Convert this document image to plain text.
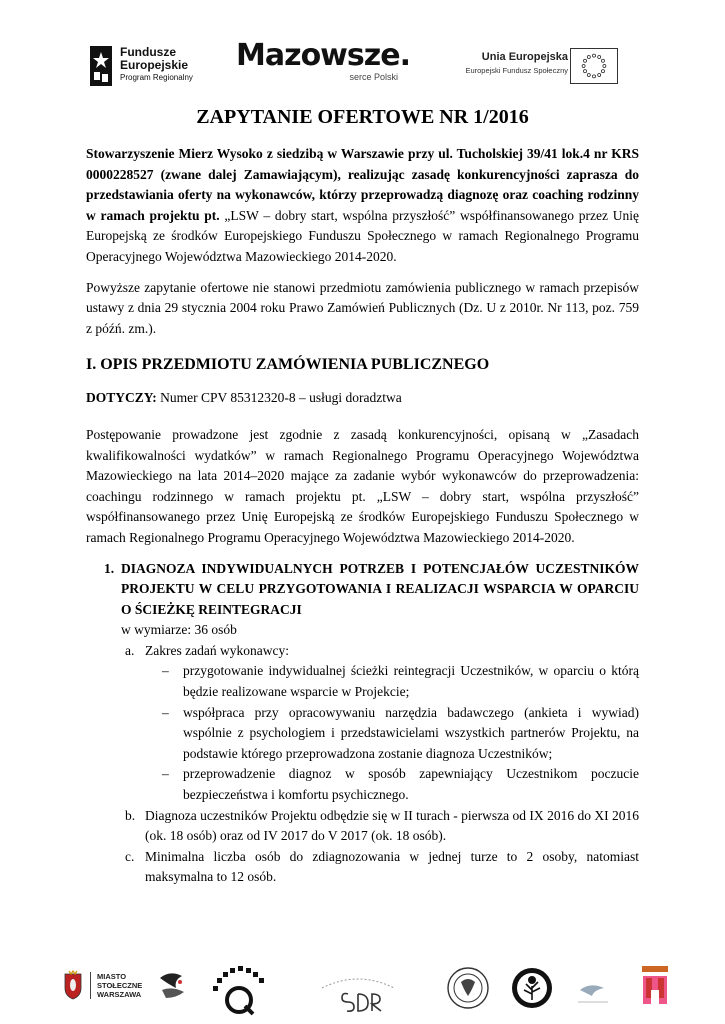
Fundusze
Europejskie
Program Regionalny
Mazowsze.
serce Polski
Unia Europejska
Europejski Fundusz Społeczny
ZAPYTANIE OFERTOWE NR 1/2016

Stowarzyszenie Mierz Wysoko z siedzibą w Warszawie przy ul. Tucholskiej 39/41 lok.4 nr KRS 0000228527 (zwane dalej Zamawiającym), realizując zasadę konkurencyjności zaprasza do przedstawiania oferty na wykonawców, którzy przeprowadzą diagnozę oraz coaching rodzinny w ramach projektu pt. „LSW – dobry start, wspólna przyszłość” współfinansowanego przez Unię Europejską ze środków Europejskiego Funduszu Społecznego w ramach Regionalnego Programu Operacyjnego Województwa Mazowieckiego 2014-2020.

Powyższe zapytanie ofertowe nie stanowi przedmiotu zamówienia publicznego w ramach przepisów ustawy z dnia 29 stycznia 2004 roku Prawo Zamówień Publicznych (Dz. U z 2010r. Nr 113, poz. 759 z późń. zm.).

I. OPIS PRZEDMIOTU ZAMÓWIENIA PUBLICZNEGO

DOTYCZY: Numer CPV 85312320-8 – usługi doradztwa

Postępowanie prowadzone jest zgodnie z zasadą konkurencyjności, opisaną w „Zasadach kwalifikowalności wydatków” w ramach Regionalnego Programu Operacyjnego Województwa Mazowieckiego na lata 2014–2020 mające za zadanie wybór wykonawców do przeprowadzenia: coachingu rodzinnego w ramach projektu pt. „LSW – dobry start, wspólna przyszłość” współfinansowanego przez Unię Europejską ze środków Europejskiego Funduszu Społecznego w ramach Regionalnego Programu Operacyjnego Województwa Mazowieckiego 2014-2020.

1. DIAGNOZA INDYWIDUALNYCH POTRZEB I POTENCJAŁÓW UCZESTNIKÓW PROJEKTU W CELU PRZYGOTOWANIA I REALIZACJI WSPARCIA W OPARCIU O ŚCIEŻKĘ REINTEGRACJI
w wymiarze: 36 osób
a. Zakres zadań wykonawcy:
– przygotowanie indywidualnej ścieżki reintegracji Uczestników, w oparciu o którą będzie realizowane wsparcie w Projekcie;
– współpraca przy opracowywaniu narzędzia badawczego (ankieta i wywiad) wspólnie z psychologiem i przedstawicielami wszystkich partnerów Projektu, na podstawie którego przeprowadzona zostanie diagnoza Uczestników;
– przeprowadzenie diagnoz w sposób zapewniający Uczestnikom poczucie bezpieczeństwa i komfortu psychicznego.
b. Diagnoza uczestników Projektu odbędzie się w II turach - pierwsza od IX 2016 do XI 2016 (ok. 18 osób) oraz od IV 2017 do V 2017 (ok. 18 osób).
c. Minimalna liczba osób do zdiagnozowania w jednej turze to 2 osoby, natomiast maksymalna to 12 osób.
MIASTO
STOŁECZNE
WARSZAWA
